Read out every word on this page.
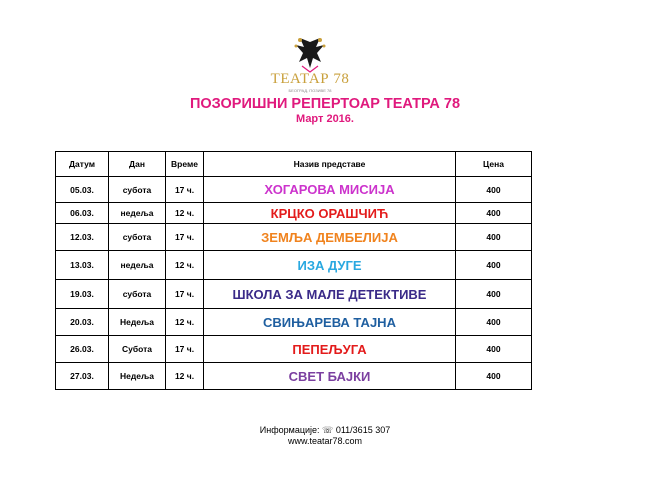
ТЕАТАР 78
БЕОГРАД, ПОЗИВЕ 78
ПОЗОРИШНИ РЕПЕРТОАР ТЕАТРА 78
Март 2016.
Датум	Дан	Време	Назив представе	Цена
05.03.	субота	17 ч.	ХОГАРОВА МИСИЈА	400
06.03.	недеља	12 ч.	КРЦКО ОРАШЧИЋ	400
12.03.	субота	17 ч.	ЗЕМЉА ДЕМБЕЛИЈА	400
13.03.	недеља	12 ч.	ИЗА ДУГЕ	400
19.03.	субота	17 ч.	ШКОЛА ЗА МАЛЕ ДЕТЕКТИВЕ	400
20.03.	Недеља	12 ч.	СВИЊАРЕВА ТАЈНА	400
26.03.	Субота	17 ч.	ПЕПЕЉУГА	400
27.03.	Недеља	12 ч.	СВЕТ БАЈКИ	400
Информације: ☏ 011/3615 307
www.teatar78.com
